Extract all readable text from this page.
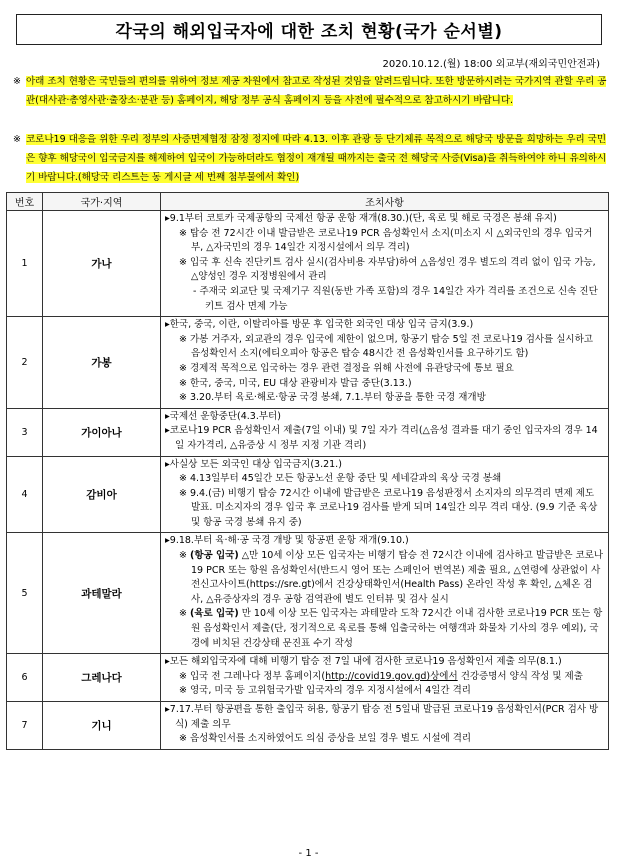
각국의 해외입국자에 대한 조치 현황(국가 순서별)
2020.10.12.(월) 18:00 외교부(재외국민안전과)
※ 아래 조치 현황은 국민들의 편의를 위하여 정보 제공 차원에서 참고로 작성된 것임을 알려드립니다. 또한 방문하시려는 국가지역 관할 우리 공관(대사관·총영사관·출장소·분관 등) 홈페이지, 해당 정부 공식 홈페이지 등을 사전에 필수적으로 참고하시기 바랍니다.
※ 코로나19 대응을 위한 우리 정부의 사증면제협정 잠정 정지에 따라 4.13. 이후 관광 등 단기체류 목적으로 해당국 방문을 희망하는 우리 국민은 향후 해당국이 입국금지를 해제하여 입국이 가능하더라도 협정이 재개될 때까지는 출국 전 해당국 사증(Visa)을 취득하여야 하니 유의하시기 바랍니다.(해당국 리스트는 동 게시글 세 번째 첨부물에서 확인)
번호	국가·지역	조치사항
1	가나	▸9.1부터 코토카 국제공항의 국제선 항공 운항 재개(8.30.)(단, 육로 및 해로 국경은 봉쇄 유지)
※ 탑승 전 72시간 이내 발급받은 코로나19 PCR 음성확인서 소지(미소지 시 △외국인의 경우 입국거부, △자국민의 경우 14일간 지정시설에서 의무 격리)
※ 입국 후 신속 진단키트 검사 실시(검사비용 자부담)하여 △음성인 경우 별도의 격리 없이 입국 가능, △양성인 경우 지정병원에서 관리
- 주재국 외교단 및 국제기구 직원(동반 가족 포함)의 경우 14일간 자가 격리를 조건으로 신속 진단키트 검사 면제 가능

2	가봉	▸한국, 중국, 이란, 이탈리아를 방문 후 입국한 외국인 대상 입국 금지(3.9.)
※ 가봉 거주자, 외교관의 경우 입국에 제한이 없으며, 항공기 탑승 5일 전 코로나19 검사를 실시하고 음성확인서 소지(에티오피아 항공은 탑승 48시간 전 음성확인서를 요구하기도 함)
※ 경제적 목적으로 입국하는 경우 관련 결정을 위해 사전에 유관당국에 통보 필요
※ 한국, 중국, 미국, EU 대상 관광비자 발급 중단(3.13.)
※ 3.20.부터 육로·해로·항공 국경 봉쇄, 7.1.부터 항공을 통한 국경 재개방

3	가이아나	▸국제선 운항중단(4.3.부터)
▸코로나19 PCR 음성확인서 제출(7일 이내) 및 7일 자가 격리(△음성 결과를 대기 중인 입국자의 경우 14일 자가격리, △유증상 시 정부 지정 기관 격리)

4	감비아	▸사실상 모든 외국인 대상 입국금지(3.21.)
※ 4.13일부터 45일간 모든 항공노선 운항 중단 및 세네갈과의 육상 국경 봉쇄
※ 9.4.(금) 비행기 탑승 72시간 이내에 발급받은 코로나19 음성판정서 소지자의 의무격리 면제 제도 발표. 미소지자의 경우 입국 후 코로나19 검사를 받게 되며 14일간 의무 격리 대상. (9.9 기준 육상 및 항공 국경 봉쇄 유지 중)

5	과테말라	▸9.18.부터 육·해·공 국경 개방 및 항공편 운항 재개(9.10.)
※ (항공 입국) △만 10세 이상 모든 입국자는 비행기 탑승 전 72시간 이내에 검사하고 발급받은 코로나19 PCR 또는 항원 음성확인서(반드시 영어 또는 스페인어 번역본) 제출 필요, △연령에 상관없이 사전신고사이트(https://sre.gt)에서 건강상태확인서(Health Pass) 온라인 작성 후 확인, △체온 검사, △유증상자의 경우 공항 검역관에 별도 인터뷰 및 검사 실시
※ (육로 입국) 만 10세 이상 모든 입국자는 과테말라 도착 72시간 이내 검사한 코로나19 PCR 또는 항원 음성확인서 제출(단, 정기적으로 육로를 통해 입출국하는 여행객과 화물차 기사의 경우 예외), 국경에 비치된 건강상태 문진표 수기 작성

6	그레나다	▸모든 해외입국자에 대해 비행기 탑승 전 7일 내에 검사한 코로나19 음성확인서 제출 의무(8.1.)
※ 입국 전 그레나다 정부 홈페이지(http://covid19.gov.gd)상에서 건강증명서 양식 작성 및 제출
※ 영국, 미국 등 고위험국가발 입국자의 경우 지정시설에서 4일간 격리

7	기니	▸7.17.부터 항공편을 통한 출입국 허용, 항공기 탑승 전 5일내 발급된 코로나19 음성확인서(PCR 검사 방식) 제출 의무
※ 음성확인서를 소지하였어도 의심 증상을 보일 경우 별도 시설에 격리
- 1 -
